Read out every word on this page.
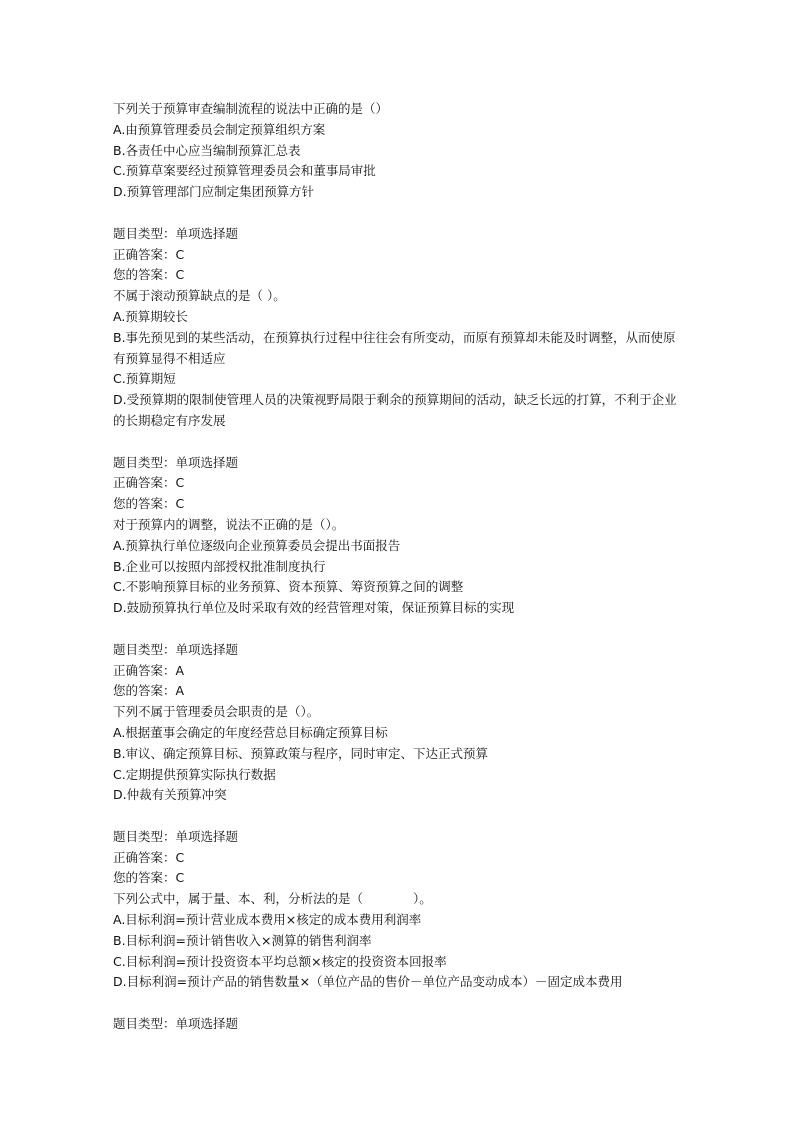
下列关于预算审查编制流程的说法中正确的是（）

A.由预算管理委员会制定预算组织方案

B.各责任中心应当编制预算汇总表

C.预算草案要经过预算管理委员会和董事局审批

D.预算管理部门应制定集团预算方针

题目类型：单项选择题

正确答案：C

您的答案：C

不属于滚动预算缺点的是（ ）。

A.预算期较长

B.事先预见到的某些活动，在预算执行过程中往往会有所变动，而原有预算却未能及时调整，从而使原有预算显得不相适应

C.预算期短

D.受预算期的限制使管理人员的决策视野局限于剩余的预算期间的活动，缺乏长远的打算，不利于企业的长期稳定有序发展

题目类型：单项选择题

正确答案：C

您的答案：C

对于预算内的调整，说法不正确的是（）。

A.预算执行单位逐级向企业预算委员会提出书面报告

B.企业可以按照内部授权批准制度执行

C.不影响预算目标的业务预算、资本预算、筹资预算之间的调整

D.鼓励预算执行单位及时采取有效的经营管理对策，保证预算目标的实现

题目类型：单项选择题

正确答案：A

您的答案：A

下列不属于管理委员会职责的是（）。

A.根据董事会确定的年度经营总目标确定预算目标

B.审议、确定预算目标、预算政策与程序，同时审定、下达正式预算

C.定期提供预算实际执行数据

D.仲裁有关预算冲突

题目类型：单项选择题

正确答案：C

您的答案：C

下列公式中，属于量、本、利，分析法的是（　　　　）。

A.目标利润=预计营业成本费用×核定的成本费用利润率

B.目标利润=预计销售收入×测算的销售利润率

C.目标利润=预计投资资本平均总额×核定的投资资本回报率

D.目标利润=预计产品的销售数量×（单位产品的售价－单位产品变动成本）－固定成本费用

题目类型：单项选择题
